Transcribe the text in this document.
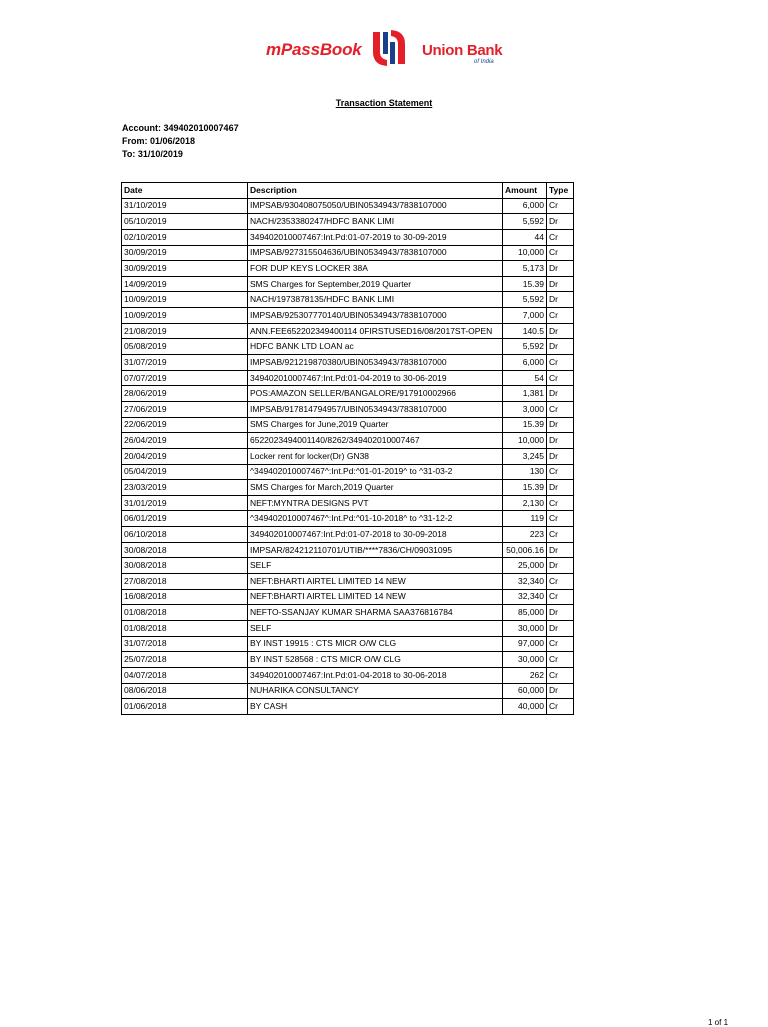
mPassBook	Union Bank
of India
Transaction Statement
Account: 349402010007467
From: 01/06/2018
To: 31/10/2019
Date	Description	Amount	Type
31/10/2019	IMPSAB/930408075050/UBIN0534943/7838107000	6,000	Cr
05/10/2019	NACH/2353380247/HDFC BANK LIMI	5,592	Dr
02/10/2019	349402010007467:Int.Pd:01-07-2019 to 30-09-2019	44	Cr
30/09/2019	IMPSAB/927315504636/UBIN0534943/7838107000	10,000	Cr
30/09/2019	FOR DUP KEYS LOCKER 38A	5,173	Dr
14/09/2019	SMS Charges for September,2019 Quarter	15.39	Dr
10/09/2019	NACH/1973878135/HDFC BANK LIMI	5,592	Dr
10/09/2019	IMPSAB/925307770140/UBIN0534943/7838107000	7,000	Cr
21/08/2019	ANN.FEE652202349400114 0FIRSTUSED16/08/2017ST-OPEN	140.5	Dr
05/08/2019	HDFC BANK LTD LOAN ac	5,592	Dr
31/07/2019	IMPSAB/921219870380/UBIN0534943/7838107000	6,000	Cr
07/07/2019	349402010007467:Int.Pd:01-04-2019 to 30-06-2019	54	Cr
28/06/2019	POS:AMAZON SELLER/BANGALORE/917910002966	1,381	Dr
27/06/2019	IMPSAB/917814794957/UBIN0534943/7838107000	3,000	Cr
22/06/2019	SMS Charges for June,2019 Quarter	15.39	Dr
26/04/2019	6522023494001140/8262/349402010007467	10,000	Dr
20/04/2019	Locker rent for locker(Dr) GN38	3,245	Dr
05/04/2019	^349402010007467^:Int.Pd:^01-01-2019^ to ^31-03-2	130	Cr
23/03/2019	SMS Charges for March,2019 Quarter	15.39	Dr
31/01/2019	NEFT:MYNTRA DESIGNS PVT	2,130	Cr
06/01/2019	^349402010007467^:Int.Pd:^01-10-2018^ to ^31-12-2	119	Cr
06/10/2018	349402010007467:Int.Pd:01-07-2018 to 30-09-2018	223	Cr
30/08/2018	IMPSAR/824212110701/UTIB/****7836/CH/09031095	50,006.16	Dr
30/08/2018	SELF	25,000	Dr
27/08/2018	NEFT:BHARTI AIRTEL LIMITED 14 NEW	32,340	Cr
16/08/2018	NEFT:BHARTI AIRTEL LIMITED 14 NEW	32,340	Cr
01/08/2018	NEFTO-SSANJAY KUMAR SHARMA SAA376816784	85,000	Dr
01/08/2018	SELF	30,000	Dr
31/07/2018	BY INST 19915 : CTS MICR O/W CLG	97,000	Cr
25/07/2018	BY INST 528568 : CTS MICR O/W CLG	30,000	Cr
04/07/2018	349402010007467:Int.Pd:01-04-2018 to 30-06-2018	262	Cr
08/06/2018	NUHARIKA CONSULTANCY	60,000	Dr
01/06/2018	BY CASH	40,000	Cr
1 of 1
